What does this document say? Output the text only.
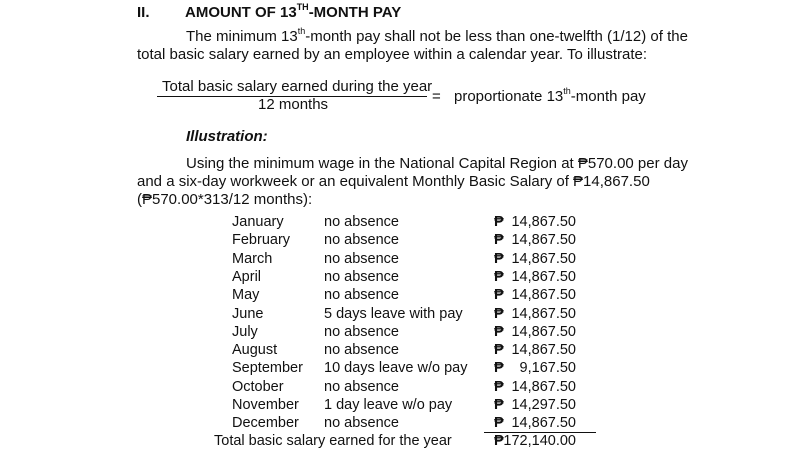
II. AMOUNT OF 13TH-MONTH PAY
The minimum 13th-month pay shall not be less than one-twelfth (1/12) of the
total basic salary earned by an employee within a calendar year. To illustrate:
Total basic salary earned during the year
12 months	= proportionate 13th-month pay
Illustration:
Using the minimum wage in the National Capital Region at ₱570.00 per day
and a six-day workweek or an equivalent Monthly Basic Salary of ₱14,867.50
(₱570.00*313/12 months):
January	no absence	₱ 14,867.50
February no absence	₱ 14,867.50
March	no absence	₱ 14,867.50
April	no absence	₱ 14,867.50
May	no absence	₱ 14,867.50
June	5 days leave with pay ₱ 14,867.50
July	no absence	₱ 14,867.50
August	no absence	₱ 14,867.50
September 10 days leave w/o pay ₱ 9,167.50
October	no absence	₱ 14,867.50
November 1 day leave w/o pay	₱ 14,297.50
December no absence	₱ 14,867.50
Total basic salary earned for the year	₱ 172,140.00
